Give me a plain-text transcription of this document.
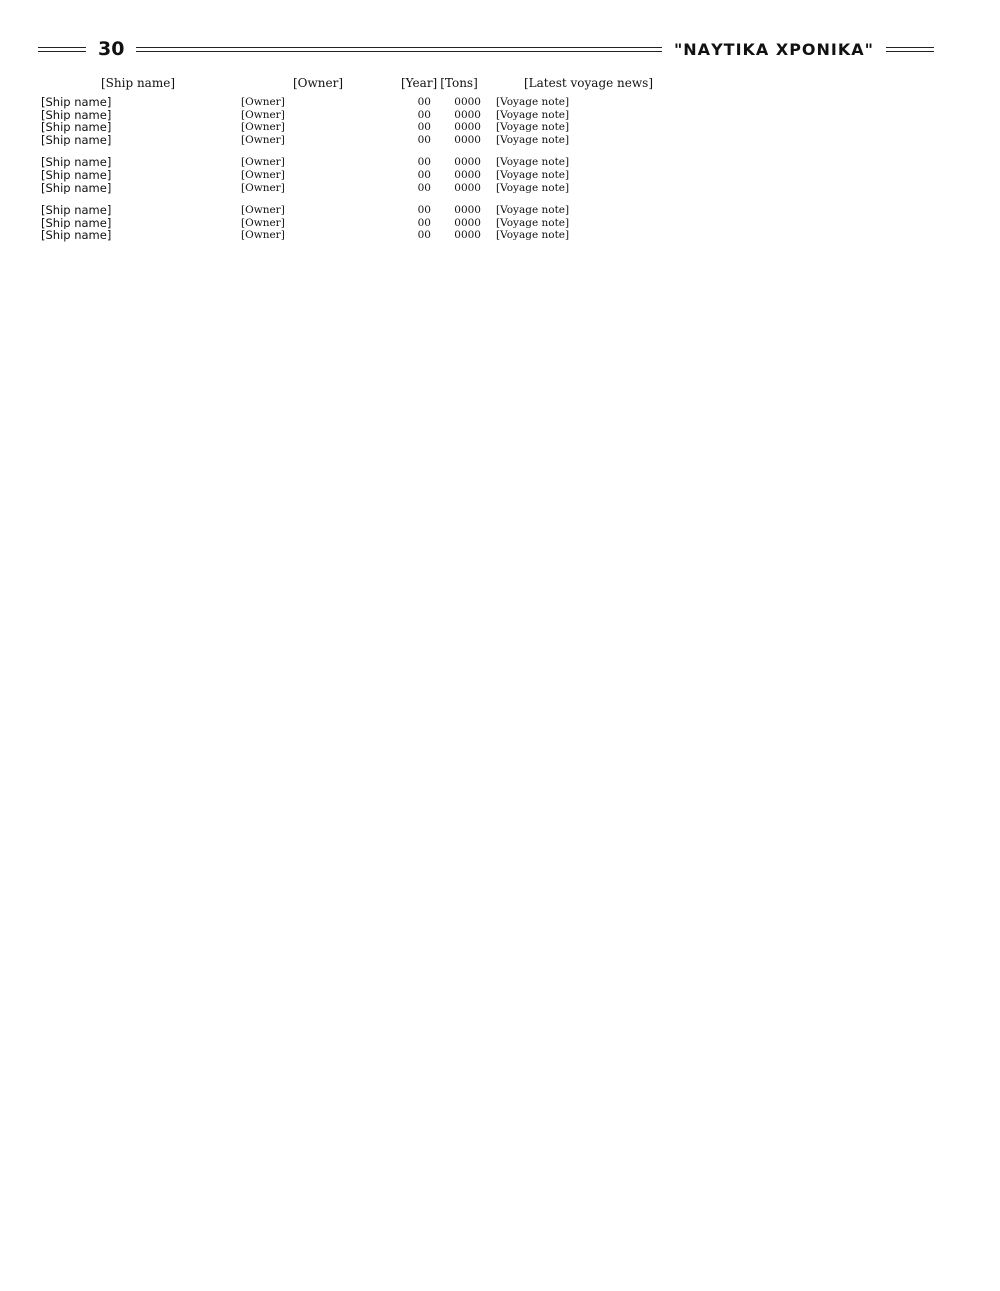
30	"ΝΑΥΤΙΚΑ ΧΡΟΝΙΚΑ"
[Ship name]	[Owner]	[Year]	[Tons]	[Latest voyage news]
[Ship name]	[Owner]	00	0000	[Voyage note]
[Ship name]	[Owner]	00	0000	[Voyage note]
[Ship name]	[Owner]	00	0000	[Voyage note]
[Ship name]	[Owner]	00	0000	[Voyage note]
[Ship name]	[Owner]	00	0000	[Voyage note]
[Ship name]	[Owner]	00	0000	[Voyage note]
[Ship name]	[Owner]	00	0000	[Voyage note]
[Ship name]	[Owner]	00	0000	[Voyage note]
[Ship name]	[Owner]	00	0000	[Voyage note]
[Ship name]	[Owner]	00	0000	[Voyage note]
